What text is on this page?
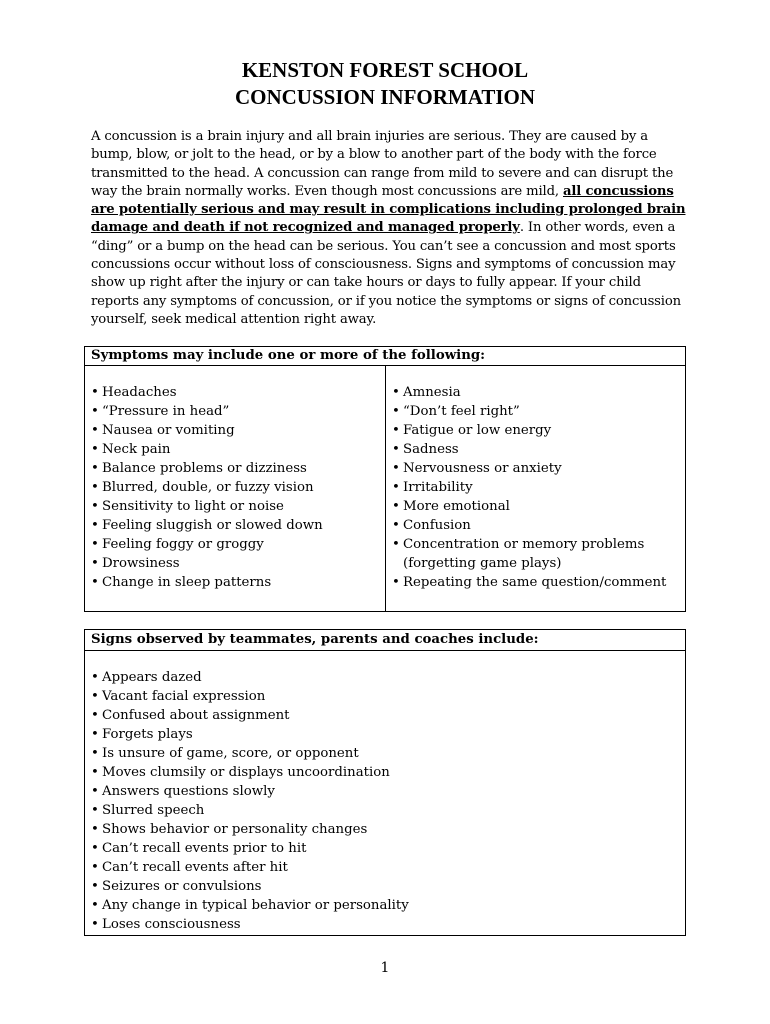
KENSTON FOREST SCHOOL
CONCUSSION INFORMATION
A concussion is a brain injury and all brain injuries are serious. They are caused by a bump, blow, or jolt to the head, or by a blow to another part of the body with the force transmitted to the head. A concussion can range from mild to severe and can disrupt the way the brain normally works. Even though most concussions are mild, all concussions are potentially serious and may result in complications including prolonged brain damage and death if not recognized and managed properly. In other words, even a “ding” or a bump on the head can be serious. You can’t see a concussion and most sports concussions occur without loss of consciousness. Signs and symptoms of concussion may show up right after the injury or can take hours or days to fully appear. If your child reports any symptoms of concussion, or if you notice the symptoms or signs of concussion yourself, seek medical attention right away.
Symptoms may include one or more of the following:
• Headaches
• “Pressure in head”
• Nausea or vomiting
• Neck pain
• Balance problems or dizziness
• Blurred, double, or fuzzy vision
• Sensitivity to light or noise
• Feeling sluggish or slowed down
• Feeling foggy or groggy
• Drowsiness
• Change in sleep patterns
• Amnesia
• “Don’t feel right”
• Fatigue or low energy
• Sadness
• Nervousness or anxiety
• Irritability
• More emotional
• Confusion
• Concentration or memory problems (forgetting game plays)
• Repeating the same question/comment
Signs observed by teammates, parents and coaches include:
• Appears dazed
• Vacant facial expression
• Confused about assignment
• Forgets plays
• Is unsure of game, score, or opponent
• Moves clumsily or displays uncoordination
• Answers questions slowly
• Slurred speech
• Shows behavior or personality changes
• Can’t recall events prior to hit
• Can’t recall events after hit
• Seizures or convulsions
• Any change in typical behavior or personality
• Loses consciousness
1
